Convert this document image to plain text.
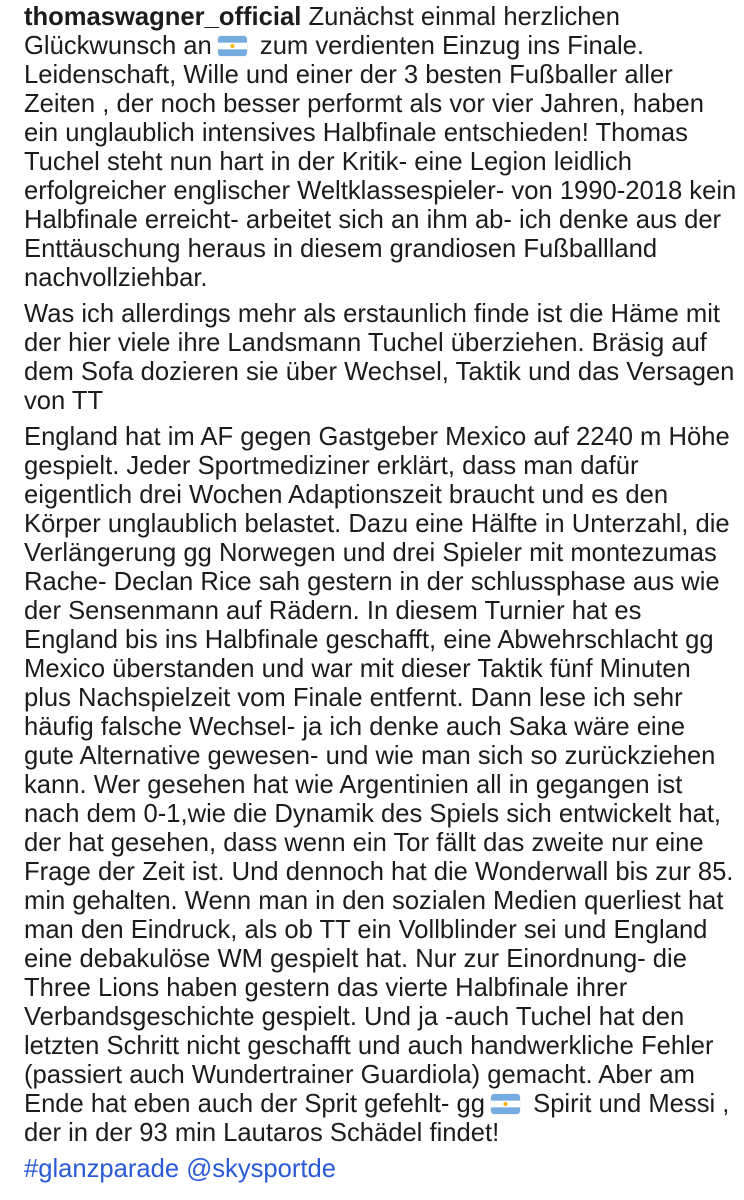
thomaswagner_official Zunächst einmal herzlichen Glückwunsch an
zum verdienten Einzug ins Finale. Leidenschaft, Wille und einer der 3 besten Fußballer aller Zeiten , der noch besser performt als vor vier Jahren, haben ein unglaublich intensives Halbfinale entschieden! Thomas Tuchel steht nun hart in der Kritik- eine Legion leidlich erfolgreicher englischer Weltklassespieler- von 1990-2018 kein Halbfinale erreicht- arbeitet sich an ihm ab- ich denke aus der Enttäuschung heraus in diesem grandiosen Fußballland nachvollziehbar.

Was ich allerdings mehr als erstaunlich finde ist die Häme mit der hier viele ihre Landsmann Tuchel überziehen. Bräsig auf dem Sofa dozieren sie über Wechsel, Taktik und das Versagen von TT

England hat im AF gegen Gastgeber Mexico auf 2240 m Höhe gespielt. Jeder Sportmediziner erklärt, dass man dafür eigentlich drei Wochen Adaptionszeit braucht und es den Körper unglaublich belastet. Dazu eine Hälfte in Unterzahl, die Verlängerung gg Norwegen und drei Spieler mit montezumas Rache- Declan Rice sah gestern in der schlussphase aus wie der Sensenmann auf Rädern. In diesem Turnier hat es England bis ins Halbfinale geschafft, eine Abwehrschlacht gg Mexico überstanden und war mit dieser Taktik fünf Minuten plus Nachspielzeit vom Finale entfernt. Dann lese ich sehr häufig falsche Wechsel- ja ich denke auch Saka wäre eine gute Alternative gewesen- und wie man sich so zurückziehen kann. Wer gesehen hat wie Argentinien all in gegangen ist nach dem 0-1,wie die Dynamik des Spiels sich entwickelt hat, der hat gesehen, dass wenn ein Tor fällt das zweite nur eine Frage der Zeit ist. Und dennoch hat die Wonderwall bis zur 85. min gehalten. Wenn man in den sozialen Medien querliest hat man den Eindruck, als ob TT ein Vollblinder sei und England eine debakulöse WM gespielt hat. Nur zur Einordnung- die Three Lions haben gestern das vierte Halbfinale ihrer Verbandsgeschichte gespielt. Und ja -auch Tuchel hat den letzten Schritt nicht geschafft und auch handwerkliche Fehler (passiert auch Wundertrainer Guardiola) gemacht. Aber am Ende hat eben auch der Sprit gefehlt- gg
Spirit und Messi , der in der 93 min Lautaros Schädel findet!

#glanzparade @skysportde
